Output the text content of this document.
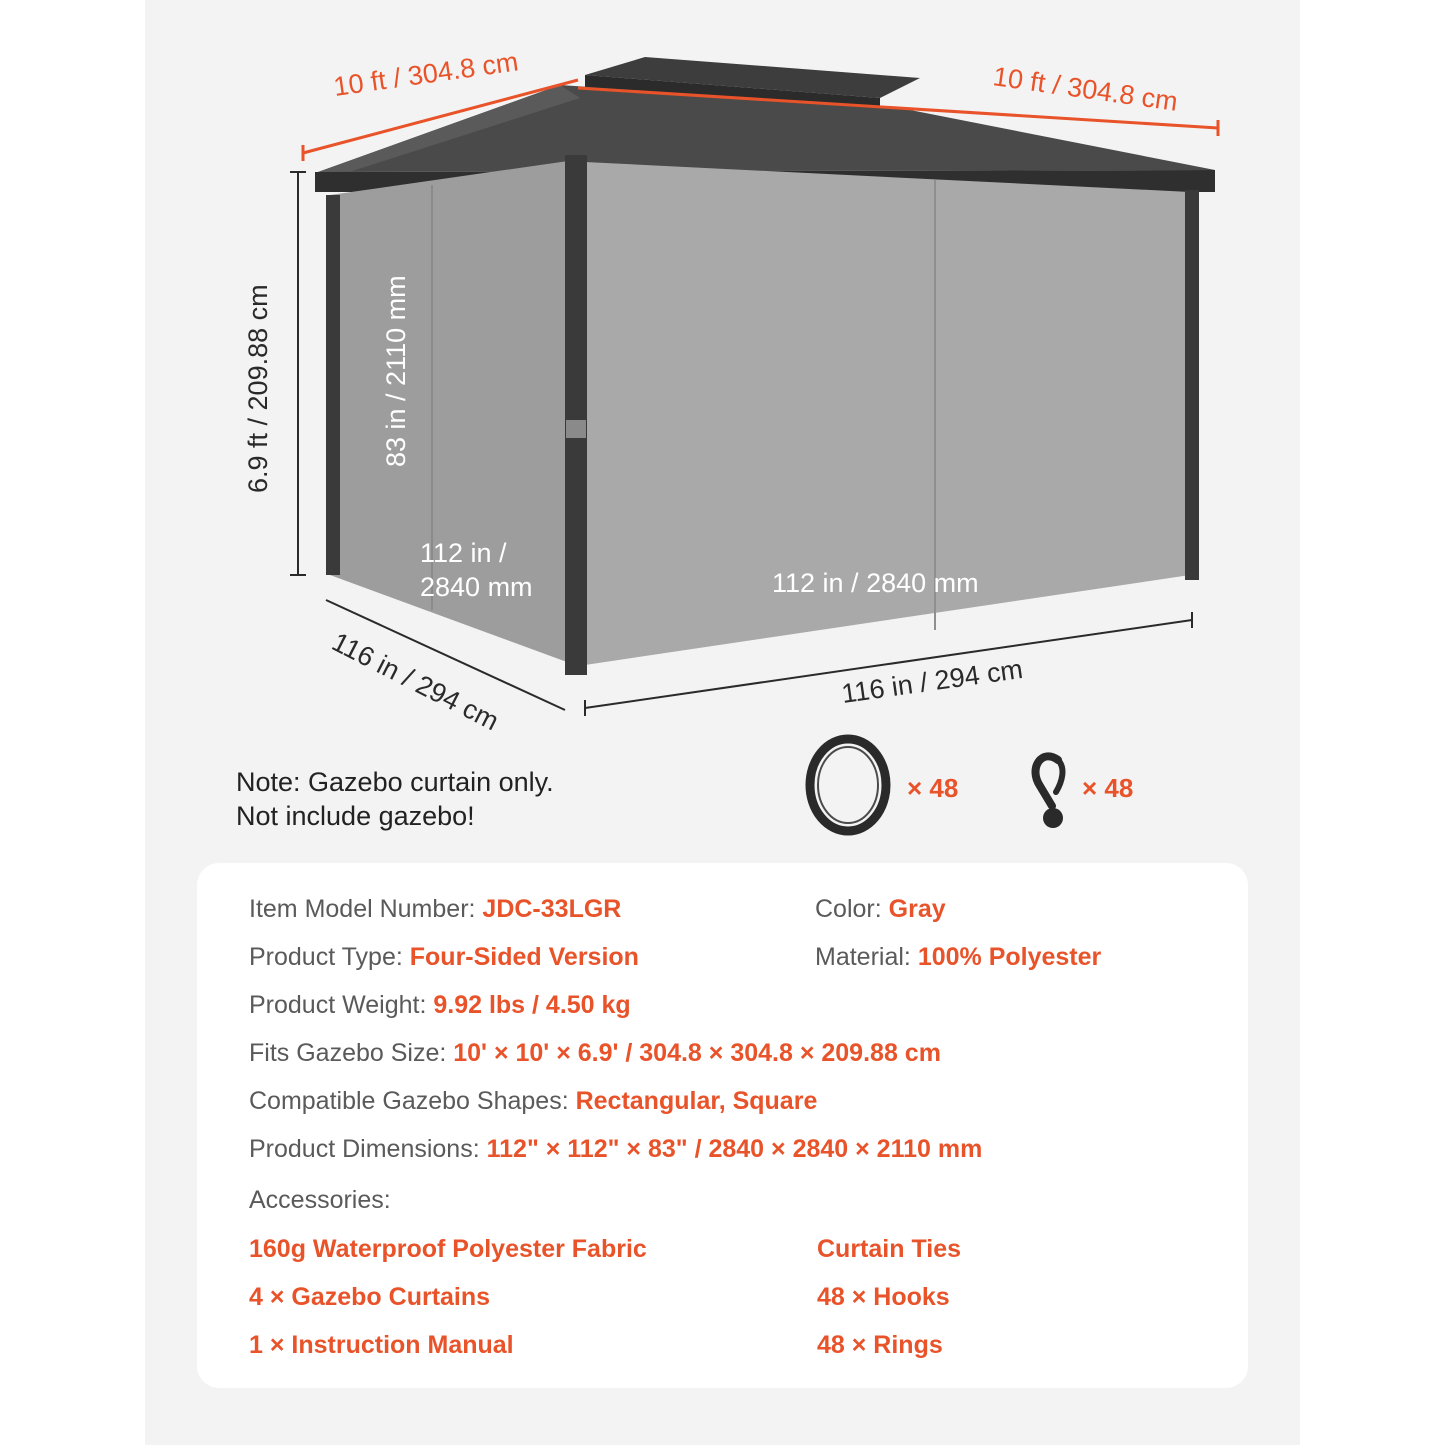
10 ft / 304.8 cm	10 ft / 304.8 cm
6.9 ft / 209.88 cm	83 in / 2110 mm
112 in /
2840 mm	112 in / 2840 mm
116 in / 294 cm	116 in / 294 cm
× 48	× 48
Note: Gazebo curtain only.
Not include gazebo!
Item Model Number: JDC-33LGR	Color: Gray
Product Type: Four-Sided Version	Material: 100% Polyester
Product Weight: 9.92 lbs / 4.50 kg
Fits Gazebo Size: 10' × 10' × 6.9' / 304.8 × 304.8 × 209.88 cm
Compatible Gazebo Shapes: Rectangular, Square
Product Dimensions: 112" × 112" × 83" / 2840 × 2840 × 2110 mm
Accessories:
160g Waterproof Polyester Fabric	Curtain Ties
4 × Gazebo Curtains	48 × Hooks
1 × Instruction Manual	48 × Rings
